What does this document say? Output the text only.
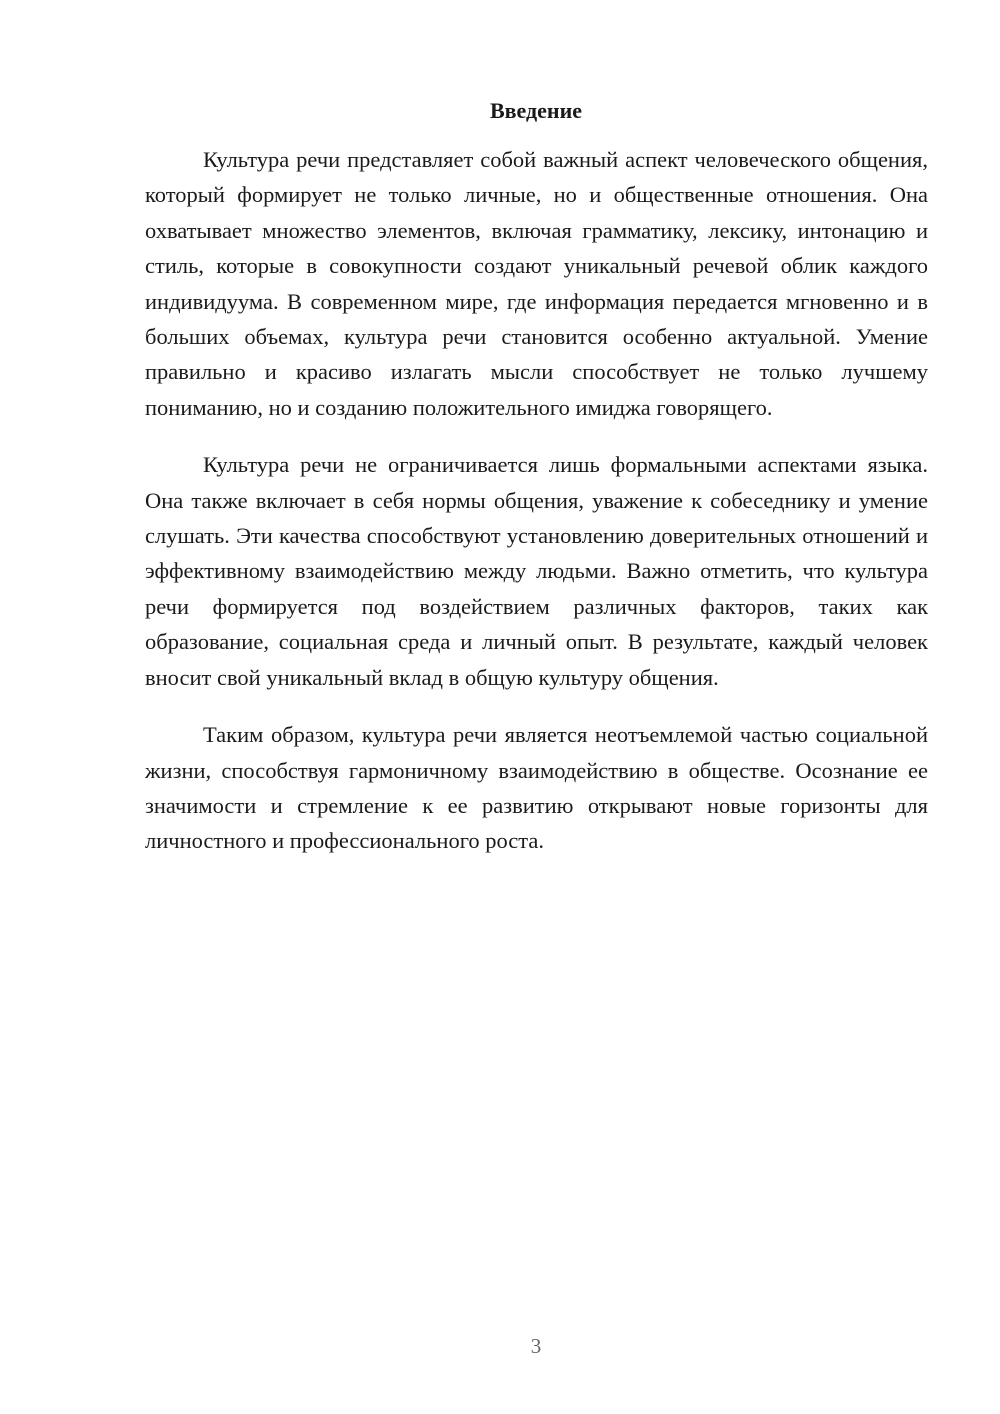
Введение

Культура речи представляет собой важный аспект человеческого общения, который формирует не только личные, но и общественные отношения. Она охватывает множество элементов, включая грамматику, лексику, интонацию и стиль, которые в совокупности создают уникальный речевой облик каждого индивидуума. В современном мире, где информация передается мгновенно и в больших объемах, культура речи становится особенно актуальной. Умение правильно и красиво излагать мысли способствует не только лучшему пониманию, но и созданию положительного имиджа говорящего.

Культура речи не ограничивается лишь формальными аспектами языка. Она также включает в себя нормы общения, уважение к собеседнику и умение слушать. Эти качества способствуют установлению доверительных отношений и эффективному взаимодействию между людьми. Важно отметить, что культура речи формируется под воздействием различных факторов, таких как образование, социальная среда и личный опыт. В результате, каждый человек вносит свой уникальный вклад в общую культуру общения.

Таким образом, культура речи является неотъемлемой частью социальной жизни, способствуя гармоничному взаимодействию в обществе. Осознание ее значимости и стремление к ее развитию открывают новые горизонты для личностного и профессионального роста.

3
